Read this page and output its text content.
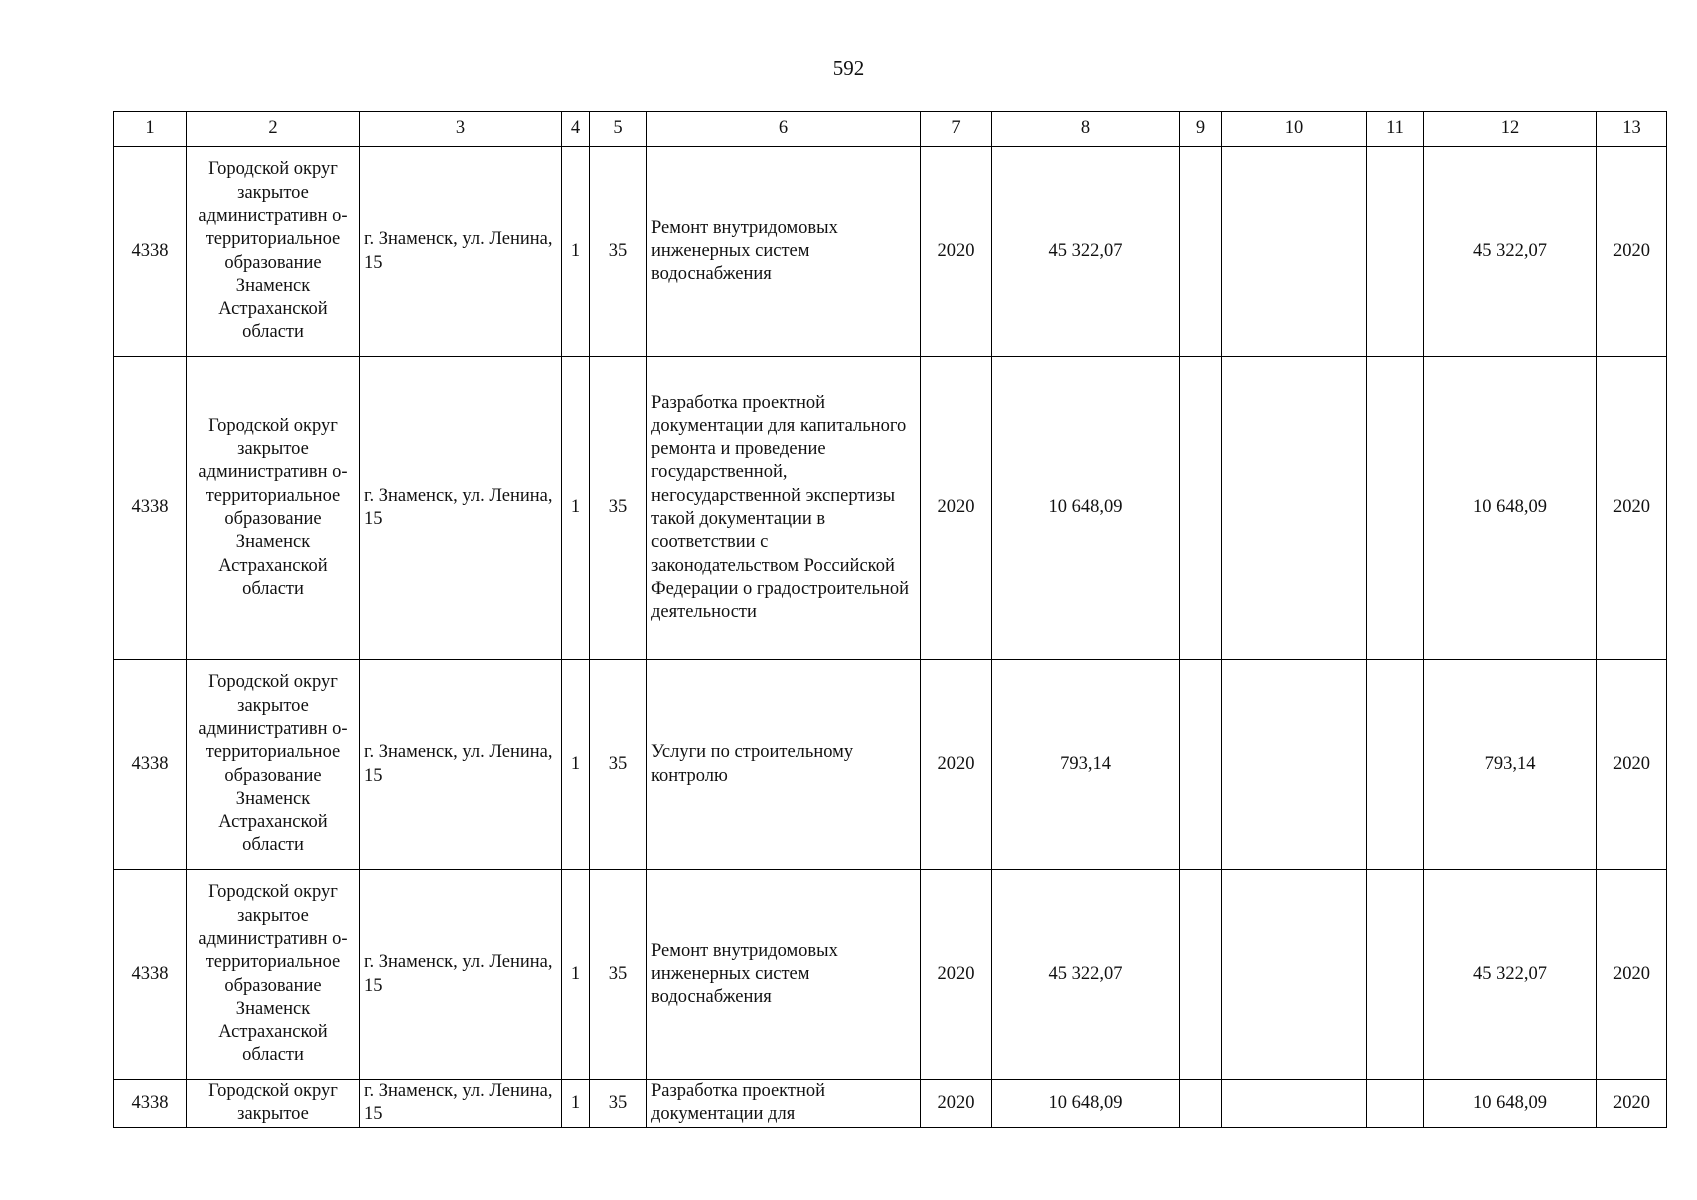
592
1	2	3	4	5	6	7	8	9	10	11	12	13
4338	Городской округ закрытое административн о- территориальное образование Знаменск Астраханской области	г. Знаменск, ул. Ленина, 15	1	35	Ремонт внутридомовых инженерных систем водоснабжения	2020	45 322,07				45 322,07	2020
4338	Городской округ закрытое административн о- территориальное образование Знаменск Астраханской области	г. Знаменск, ул. Ленина, 15	1	35	Разработка проектной документации для капитального ремонта и проведение государственной, негосударственной экспертизы такой документации в соответствии с законодательством Российской Федерации о градостроительной деятельности	2020	10 648,09				10 648,09	2020
4338	Городской округ закрытое административн о- территориальное образование Знаменск Астраханской области	г. Знаменск, ул. Ленина, 15	1	35	Услуги по строительному контролю	2020	793,14				793,14	2020
4338	Городской округ закрытое административн о- территориальное образование Знаменск Астраханской области	г. Знаменск, ул. Ленина, 15	1	35	Ремонт внутридомовых инженерных систем водоснабжения	2020	45 322,07				45 322,07	2020
4338	Городской округ закрытое	г. Знаменск, ул. Ленина, 15	1	35	Разработка проектной документации для	2020	10 648,09				10 648,09	2020
